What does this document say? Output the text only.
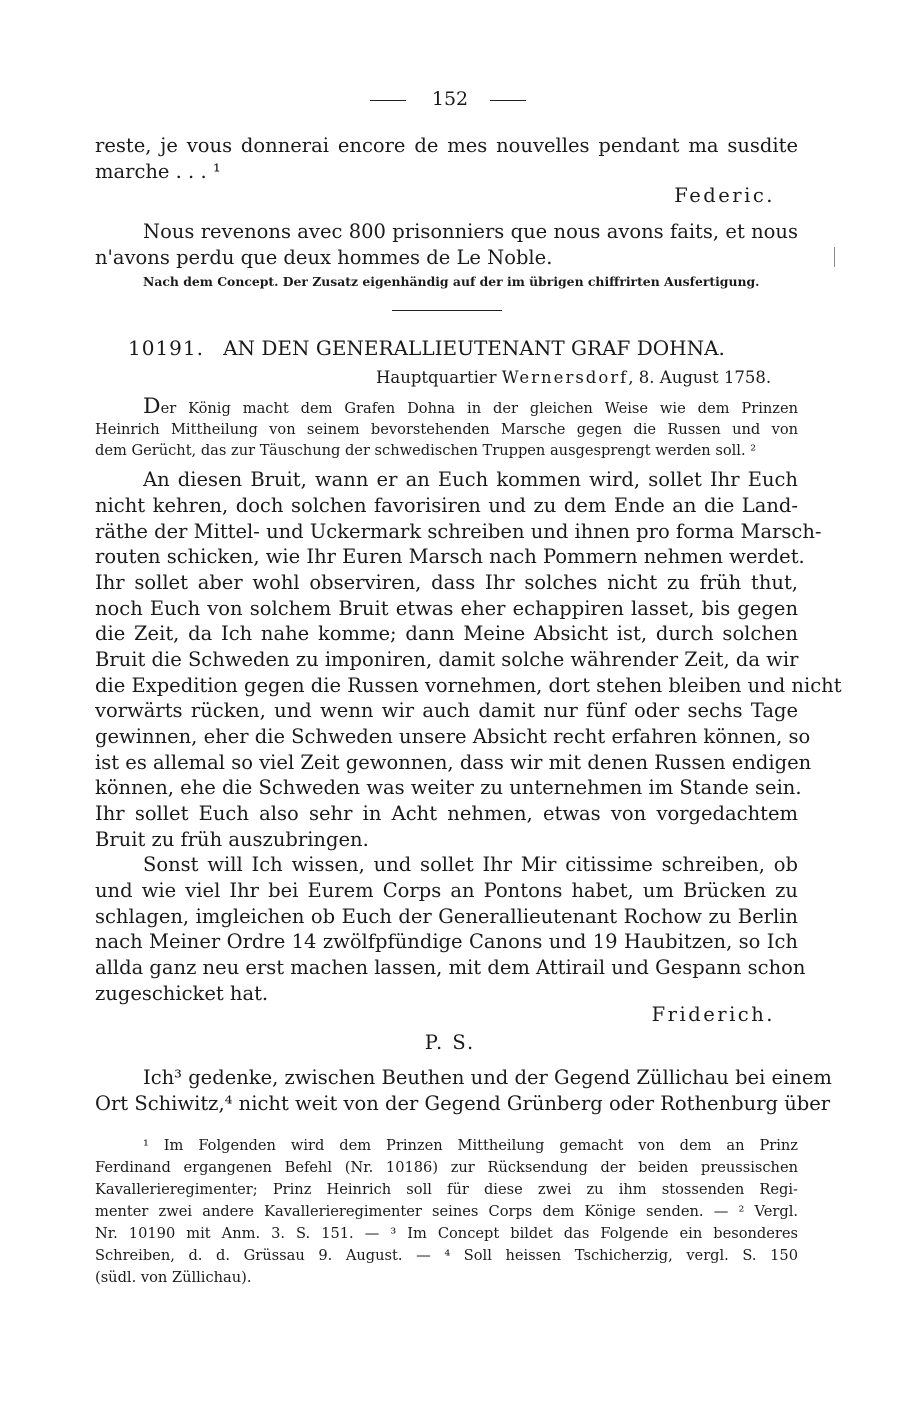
152
reste, je vous donnerai encore de mes nouvelles pendant ma susdite
marche . . . ¹
Federic.
Nous revenons avec 800 prisonniers que nous avons faits, et nous
n'avons perdu que deux hommes de Le Noble.
Nach dem Concept. Der Zusatz eigenhändig auf der im übrigen chiffrirten Ausfertigung.
10191. AN DEN GENERALLIEUTENANT GRAF DOHNA.
Hauptquartier Wernersdorf, 8. August 1758.
Der König macht dem Grafen Dohna in der gleichen Weise wie dem Prinzen
Heinrich Mittheilung von seinem bevorstehenden Marsche gegen die Russen und von
dem Gerücht, das zur Täuschung der schwedischen Truppen ausgesprengt werden soll. ²
An diesen Bruit, wann er an Euch kommen wird, sollet Ihr Euch
nicht kehren, doch solchen favorisiren und zu dem Ende an die Land-
räthe der Mittel- und Uckermark schreiben und ihnen pro forma Marsch-
routen schicken, wie Ihr Euren Marsch nach Pommern nehmen werdet.
Ihr sollet aber wohl observiren, dass Ihr solches nicht zu früh thut,
noch Euch von solchem Bruit etwas eher echappiren lasset, bis gegen
die Zeit, da Ich nahe komme; dann Meine Absicht ist, durch solchen
Bruit die Schweden zu imponiren, damit solche währender Zeit, da wir
die Expedition gegen die Russen vornehmen, dort stehen bleiben und nicht
vorwärts rücken, und wenn wir auch damit nur fünf oder sechs Tage
gewinnen, eher die Schweden unsere Absicht recht erfahren können, so
ist es allemal so viel Zeit gewonnen, dass wir mit denen Russen endigen
können, ehe die Schweden was weiter zu unternehmen im Stande sein.
Ihr sollet Euch also sehr in Acht nehmen, etwas von vorgedachtem
Bruit zu früh auszubringen.
Sonst will Ich wissen, und sollet Ihr Mir citissime schreiben, ob
und wie viel Ihr bei Eurem Corps an Pontons habet, um Brücken zu
schlagen, imgleichen ob Euch der Generallieutenant Rochow zu Berlin
nach Meiner Ordre 14 zwölfpfündige Canons und 19 Haubitzen, so Ich
allda ganz neu erst machen lassen, mit dem Attirail und Gespann schon
zugeschicket hat.
Friderich.
P. S.
Ich³ gedenke, zwischen Beuthen und der Gegend Züllichau bei einem
Ort Schiwitz,⁴ nicht weit von der Gegend Grünberg oder Rothenburg über
¹ Im Folgenden wird dem Prinzen Mittheilung gemacht von dem an Prinz
Ferdinand ergangenen Befehl (Nr. 10186) zur Rücksendung der beiden preussischen
Kavallerieregimenter; Prinz Heinrich soll für diese zwei zu ihm stossenden Regi-
menter zwei andere Kavallerieregimenter seines Corps dem Könige senden. — ² Vergl.
Nr. 10190 mit Anm. 3. S. 151. — ³ Im Concept bildet das Folgende ein besonderes
Schreiben, d. d. Grüssau 9. August. — ⁴ Soll heissen Tschicherzig, vergl. S. 150
(südl. von Züllichau).
